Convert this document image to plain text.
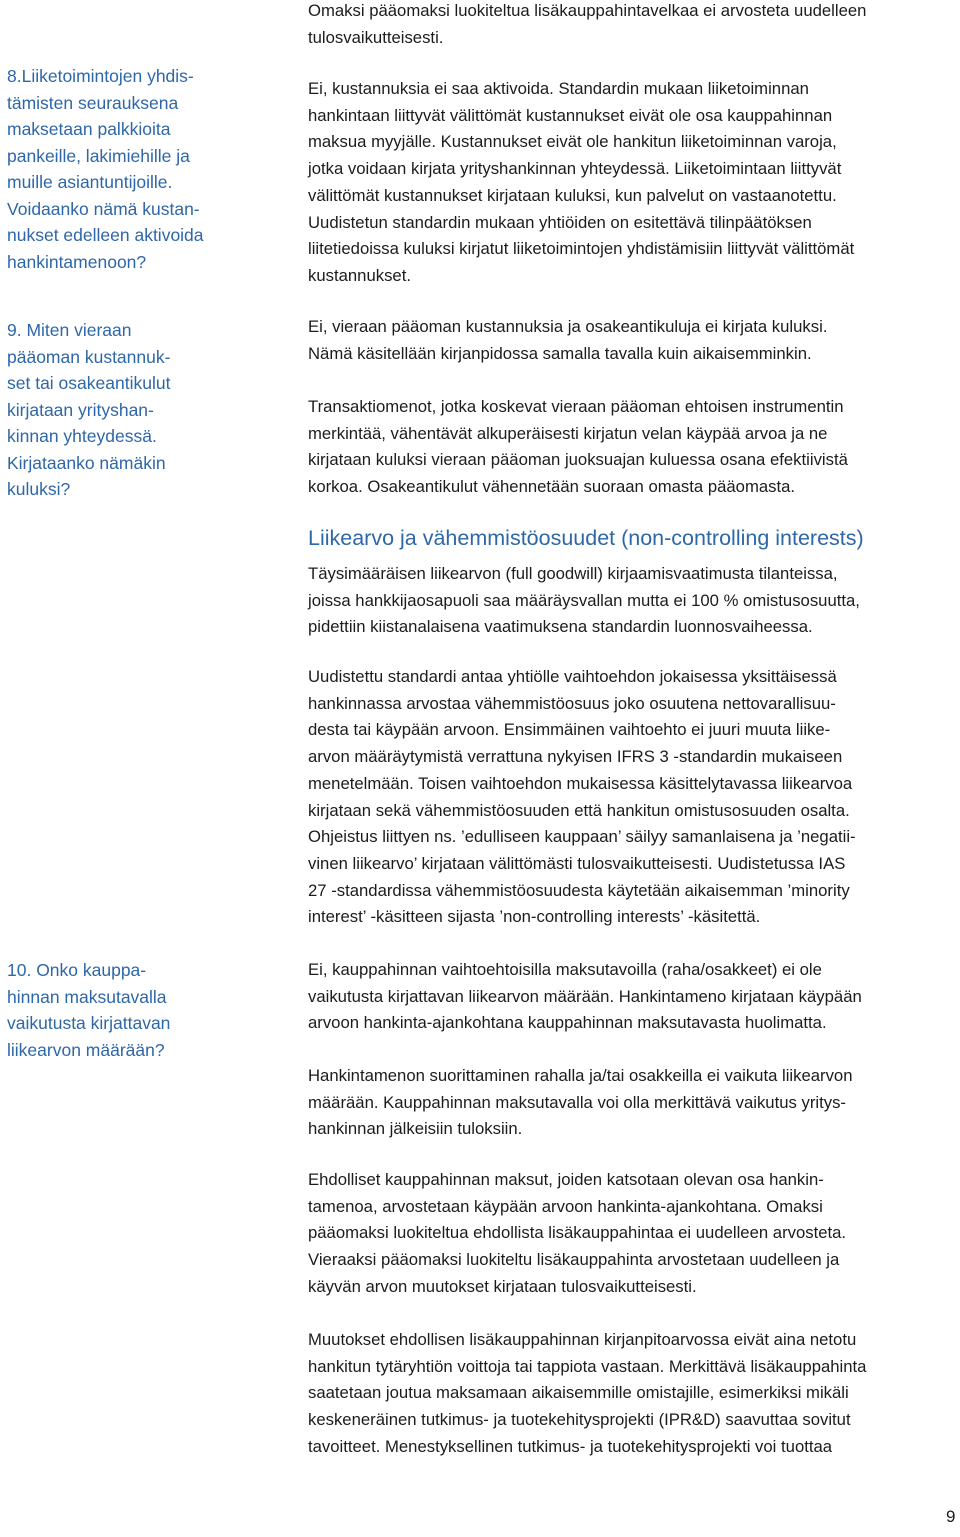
8.Liiketoimintojen yhdis-
tämisten seurauksena
maksetaan palkkioita
pankeille, lakimiehille ja
muille asiantuntijoille.
Voidaanko nämä kustan-
nukset edelleen aktivoida
hankintamenoon?
9. Miten vieraan
pääoman kustannuk-
set tai osakeantikulut
kirjataan yrityshan-
kinnan yhteydessä.
Kirjataanko nämäkin
kuluksi?
10. Onko kauppa-
hinnan maksutavalla
vaikutusta kirjattavan
liikearvon määrään?

Omaksi pääomaksi luokiteltua lisäkauppahintavelkaa ei arvosteta uudelleen
tulosvaikutteisesti.

Ei, kustannuksia ei saa aktivoida. Standardin mukaan liiketoiminnan
hankintaan liittyvät välittömät kustannukset eivät ole osa kauppahinnan
maksua myyjälle. Kustannukset eivät ole hankitun liiketoiminnan varoja,
jotka voidaan kirjata yrityshankinnan yhteydessä. Liiketoimintaan liittyvät
välittömät kustannukset kirjataan kuluksi, kun palvelut on vastaanotettu.
Uudistetun standardin mukaan yhtiöiden on esitettävä tilinpäätöksen
liitetiedoissa kuluksi kirjatut liiketoimintojen yhdistämisiin liittyvät välittömät
kustannukset.

Ei, vieraan pääoman kustannuksia ja osakeantikuluja ei kirjata kuluksi.
Nämä käsitellään kirjanpidossa samalla tavalla kuin aikaisemminkin.

Transaktiomenot, jotka koskevat vieraan pääoman ehtoisen instrumentin
merkintää, vähentävät alkuperäisesti kirjatun velan käypää arvoa ja ne
kirjataan kuluksi vieraan pääoman juoksuajan kuluessa osana efektiivistä
korkoa. Osakeantikulut vähennetään suoraan omasta pääomasta.

Liikearvo ja vähemmistöosuudet (non-controlling interests)

Täysimääräisen liikearvon (full goodwill) kirjaamisvaatimusta tilanteissa,
joissa hankkijaosapuoli saa määräysvallan mutta ei 100 % omistusosuutta,
pidettiin kiistanalaisena vaatimuksena standardin luonnosvaiheessa.

Uudistettu standardi antaa yhtiölle vaihtoehdon jokaisessa yksittäisessä
hankinnassa arvostaa vähemmistöosuus joko osuutena nettovarallisuu-
desta tai käypään arvoon. Ensimmäinen vaihtoehto ei juuri muuta liike-
arvon määräytymistä verrattuna nykyisen IFRS 3 -standardin mukaiseen
menetelmään. Toisen vaihtoehdon mukaisessa käsittelytavassa liikearvoa
kirjataan sekä vähemmistöosuuden että hankitun omistusosuuden osalta.
Ohjeistus liittyen ns. ’edulliseen kauppaan’ säilyy samanlaisena ja ’negatii-
vinen liikearvo’ kirjataan välittömästi tulosvaikutteisesti. Uudistetussa IAS
27 -standardissa vähemmistöosuudesta käytetään aikaisemman ’minority
interest’ -käsitteen sijasta ’non-controlling interests’ -käsitettä.

Ei, kauppahinnan vaihtoehtoisilla maksutavoilla (raha/osakkeet) ei ole
vaikutusta kirjattavan liikearvon määrään. Hankintameno kirjataan käypään
arvoon hankinta-ajankohtana kauppahinnan maksutavasta huolimatta.

Hankintamenon suorittaminen rahalla ja/tai osakkeilla ei vaikuta liikearvon
määrään. Kauppahinnan maksutavalla voi olla merkittävä vaikutus yritys-
hankinnan jälkeisiin tuloksiin.

Ehdolliset kauppahinnan maksut, joiden katsotaan olevan osa hankin-
tamenoa, arvostetaan käypään arvoon hankinta-ajankohtana. Omaksi
pääomaksi luokiteltua ehdollista lisäkauppahintaa ei uudelleen arvosteta.
Vieraaksi pääomaksi luokiteltu lisäkauppahinta arvostetaan uudelleen ja
käyvän arvon muutokset kirjataan tulosvaikutteisesti.

Muutokset ehdollisen lisäkauppahinnan kirjanpitoarvossa eivät aina netotu
hankitun tytäryhtiön voittoja tai tappiota vastaan. Merkittävä lisäkauppahinta
saatetaan joutua maksamaan aikaisemmille omistajille, esimerkiksi mikäli
keskeneräinen tutkimus- ja tuotekehitysprojekti (IPR&D) saavuttaa sovitut
tavoitteet. Menestyksellinen tutkimus- ja tuotekehitysprojekti voi tuottaa

9
